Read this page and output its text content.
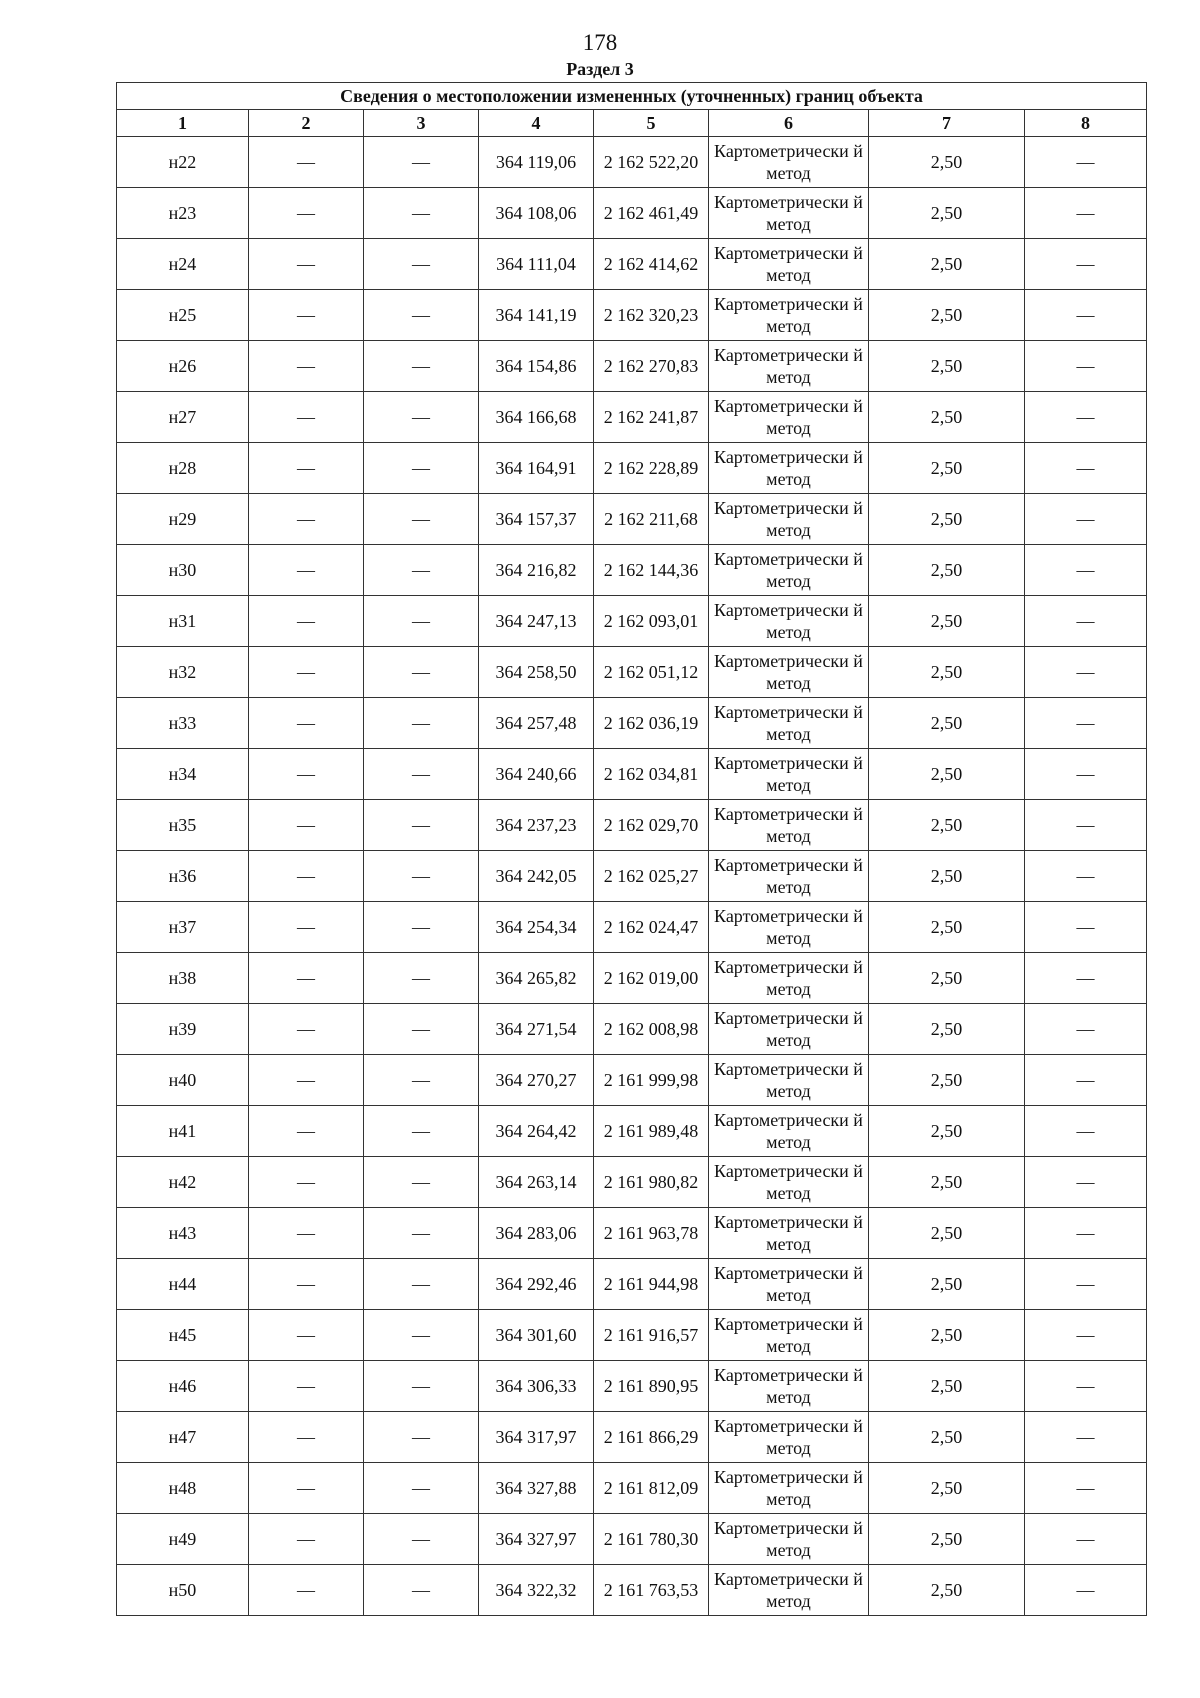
178
Раздел 3
Сведения о местоположении измененных (уточненных) границ объекта							
1	2	3	4	5	6	7	8
н22	—	—	364 119,06	2 162 522,20	Картометрически й метод	2,50	—
н23	—	—	364 108,06	2 162 461,49	Картометрически й метод	2,50	—
н24	—	—	364 111,04	2 162 414,62	Картометрически й метод	2,50	—
н25	—	—	364 141,19	2 162 320,23	Картометрически й метод	2,50	—
н26	—	—	364 154,86	2 162 270,83	Картометрически й метод	2,50	—
н27	—	—	364 166,68	2 162 241,87	Картометрически й метод	2,50	—
н28	—	—	364 164,91	2 162 228,89	Картометрически й метод	2,50	—
н29	—	—	364 157,37	2 162 211,68	Картометрически й метод	2,50	—
н30	—	—	364 216,82	2 162 144,36	Картометрически й метод	2,50	—
н31	—	—	364 247,13	2 162 093,01	Картометрически й метод	2,50	—
н32	—	—	364 258,50	2 162 051,12	Картометрически й метод	2,50	—
н33	—	—	364 257,48	2 162 036,19	Картометрически й метод	2,50	—
н34	—	—	364 240,66	2 162 034,81	Картометрически й метод	2,50	—
н35	—	—	364 237,23	2 162 029,70	Картометрически й метод	2,50	—
н36	—	—	364 242,05	2 162 025,27	Картометрически й метод	2,50	—
н37	—	—	364 254,34	2 162 024,47	Картометрически й метод	2,50	—
н38	—	—	364 265,82	2 162 019,00	Картометрически й метод	2,50	—
н39	—	—	364 271,54	2 162 008,98	Картометрически й метод	2,50	—
н40	—	—	364 270,27	2 161 999,98	Картометрически й метод	2,50	—
н41	—	—	364 264,42	2 161 989,48	Картометрически й метод	2,50	—
н42	—	—	364 263,14	2 161 980,82	Картометрически й метод	2,50	—
н43	—	—	364 283,06	2 161 963,78	Картометрически й метод	2,50	—
н44	—	—	364 292,46	2 161 944,98	Картометрически й метод	2,50	—
н45	—	—	364 301,60	2 161 916,57	Картометрически й метод	2,50	—
н46	—	—	364 306,33	2 161 890,95	Картометрически й метод	2,50	—
н47	—	—	364 317,97	2 161 866,29	Картометрически й метод	2,50	—
н48	—	—	364 327,88	2 161 812,09	Картометрически й метод	2,50	—
н49	—	—	364 327,97	2 161 780,30	Картометрически й метод	2,50	—
н50	—	—	364 322,32	2 161 763,53	Картометрически й метод	2,50	—
